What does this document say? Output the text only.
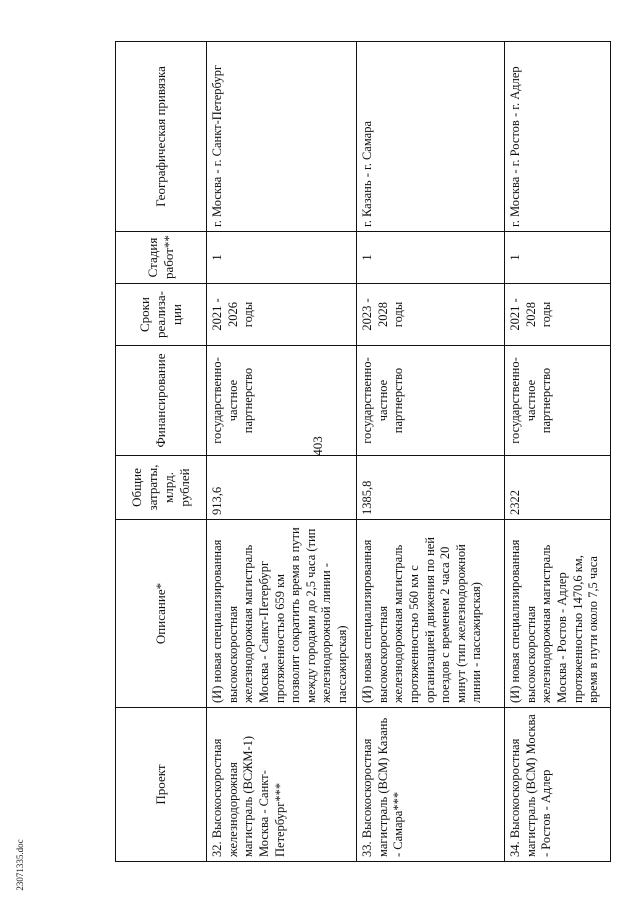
403
23071335.doc
Проект	Описание*	Общие затраты, млрд. рублей	Финансирование	Сроки реализа- ции	Стадия работ**	Географическая привязка
32. Высокоскоростная железнодорожная магистраль (ВСЖМ-1) Москва - Санкт-Петербург***	(И) новая специализированная высокоскоростная железнодорожная магистраль Москва - Санкт-Петербург протяженностью 659 км позволит сократить время в пути между городами до 2,5 часа (тип железнодорожной линии - пассажирская)	913,6	государственно-частное партнерство	2021 - 2026 годы	1	г. Москва - г. Санкт-Петербург
33. Высокоскоростная магистраль (ВСМ) Казань - Самара***	(И) новая специализированная высокоскоростная железнодорожная магистраль протяженностью 560 км с организацией движения по ней поездов с временем 2 часа 20 минут (тип железнодорожной линии - пассажирская)	1385,8	государственно-частное партнерство	2023 - 2028 годы	1	г. Казань - г. Самара
34. Высокоскоростная магистраль (ВСМ) Москва - Ростов - Адлер	(И) новая специализированная высокоскоростная железнодорожная магистраль Москва - Ростов - Адлер протяженностью 1470,6 км, время в пути около 7,5 часа	2322	государственно-частное партнерство	2021 - 2028 годы	1	г. Москва - г. Ростов - г. Адлер
